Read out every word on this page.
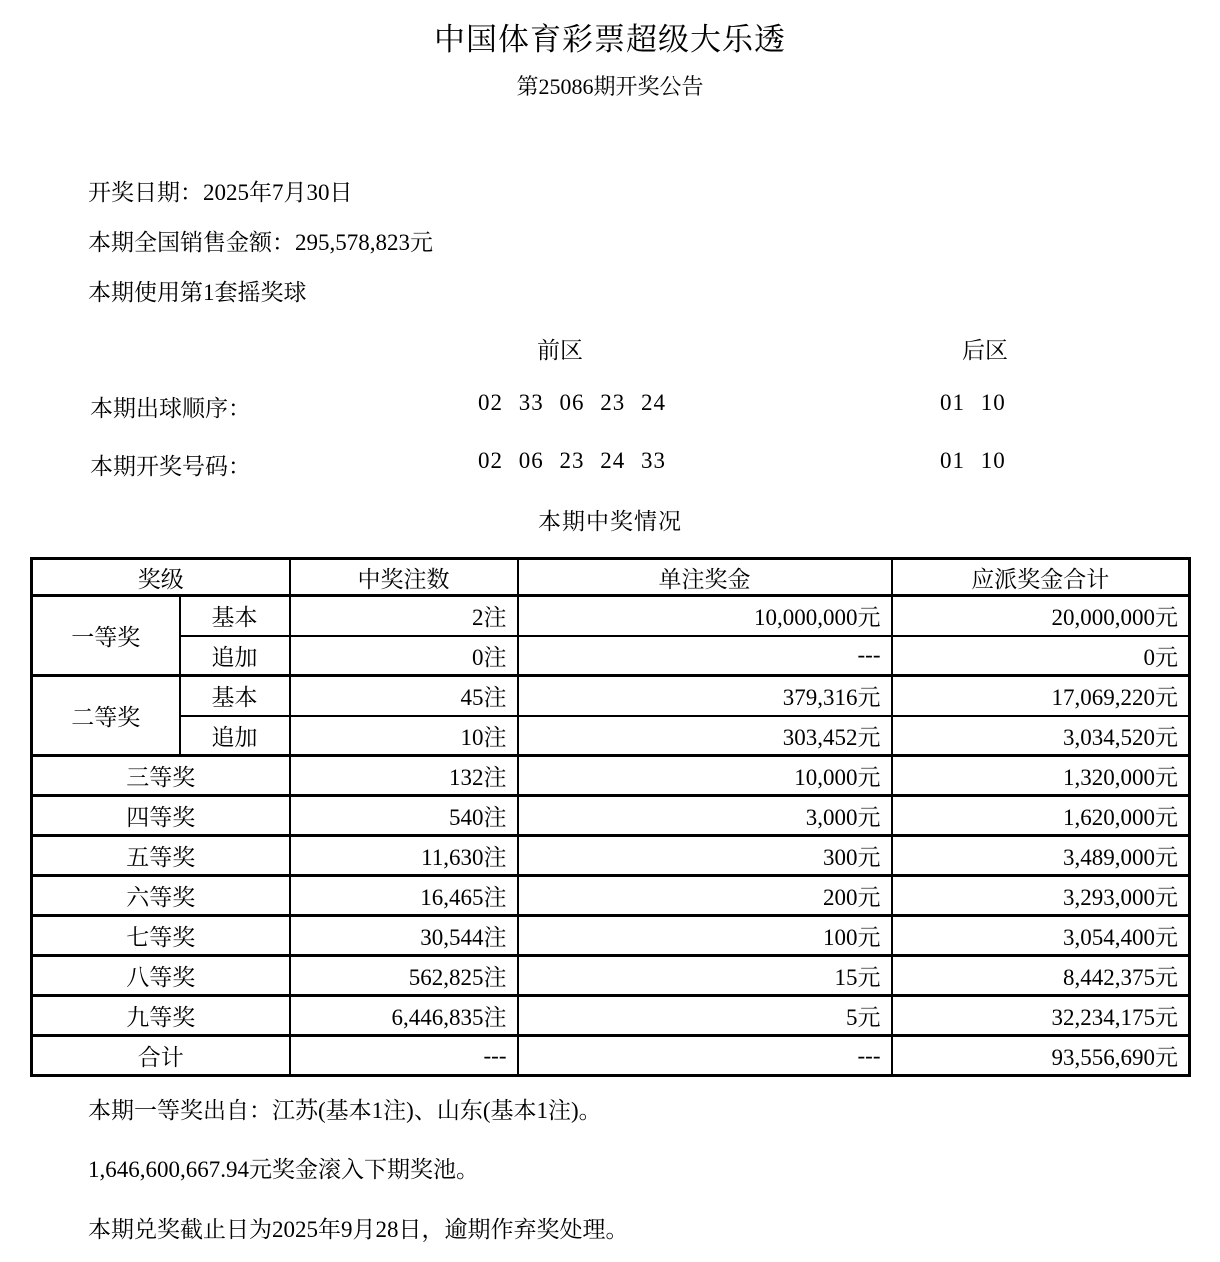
中国体育彩票超级大乐透
第25086期开奖公告
开奖日期：2025年7月30日
本期全国销售金额：295,578,823元
本期使用第1套摇奖球
前区	后区
本期出球顺序：	02 33 06 23 24	01 10
本期开奖号码：	02 06 23 24 33	01 10
本期中奖情况
奖级		中奖注数	单注奖金	应派奖金合计
一等奖	基本	2注	10,000,000元	20,000,000元
	追加	0注	---	0元
二等奖	基本	45注	379,316元	17,069,220元
	追加	10注	303,452元	3,034,520元
三等奖		132注	10,000元	1,320,000元
四等奖		540注	3,000元	1,620,000元
五等奖		11,630注	300元	3,489,000元
六等奖		16,465注	200元	3,293,000元
七等奖		30,544注	100元	3,054,400元
八等奖		562,825注	15元	8,442,375元
九等奖		6,446,835注	5元	32,234,175元
合计		---	---	93,556,690元
本期一等奖出自：江苏(基本1注)、山东(基本1注)。
1,646,600,667.94元奖金滚入下期奖池。
本期兑奖截止日为2025年9月28日，逾期作弃奖处理。
